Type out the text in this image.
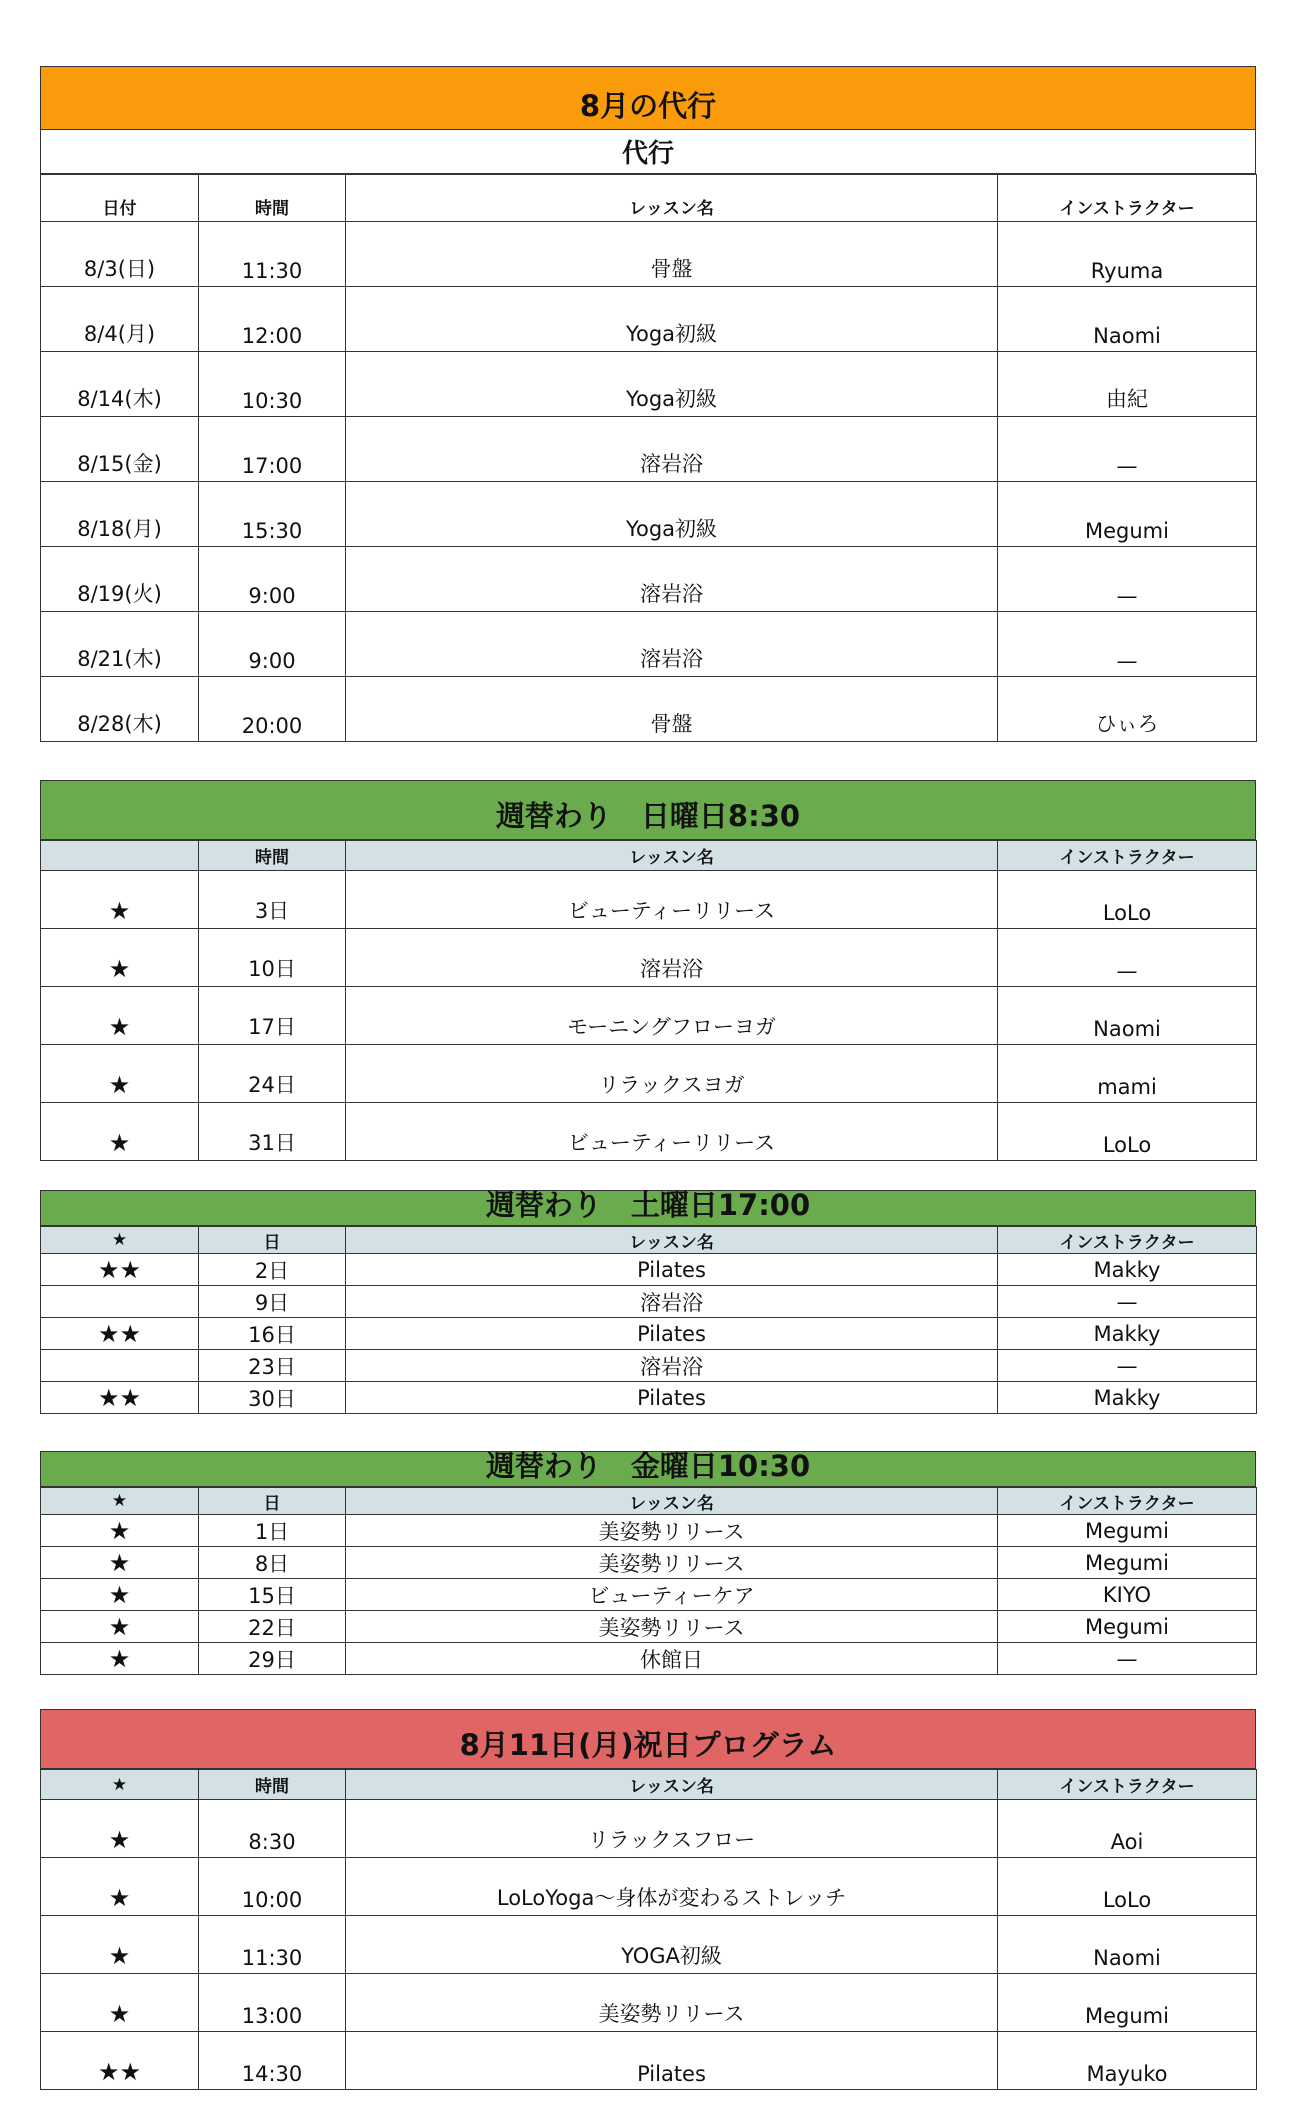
8月の代行
代行
日付	時間	レッスン名	インストラクター
8/3(日)	11:30	骨盤	Ryuma
8/4(月)	12:00	Yoga初級	Naomi
8/14(木)	10:30	Yoga初級	由紀
8/15(金)	17:00	溶岩浴	—
8/18(月)	15:30	Yoga初級	Megumi
8/19(火)	9:00	溶岩浴	—
8/21(木)	9:00	溶岩浴	—
8/28(木)	20:00	骨盤	ひぃろ
週替わり　日曜日8:30
	時間	レッスン名	インストラクター
★	3日	ビューティーリリース	LoLo
★	10日	溶岩浴	—
★	17日	モーニングフローヨガ	Naomi
★	24日	リラックスヨガ	mami
★	31日	ビューティーリリース	LoLo
週替わり　土曜日17:00
★	日	レッスン名	インストラクター
★★	2日	Pilates	Makky
	9日	溶岩浴	—
★★	16日	Pilates	Makky
	23日	溶岩浴	—
★★	30日	Pilates	Makky
週替わり　金曜日10:30
★	日	レッスン名	インストラクター
★	1日	美姿勢リリース	Megumi
★	8日	美姿勢リリース	Megumi
★	15日	ビューティーケア	KIYO
★	22日	美姿勢リリース	Megumi
★	29日	休館日	—
8月11日(月)祝日プログラム
★	時間	レッスン名	インストラクター
★	8:30	リラックスフロー	Aoi
★	10:00	LoLoYoga～身体が変わるストレッチ	LoLo
★	11:30	YOGA初級	Naomi
★	13:00	美姿勢リリース	Megumi
★★	14:30	Pilates	Mayuko
